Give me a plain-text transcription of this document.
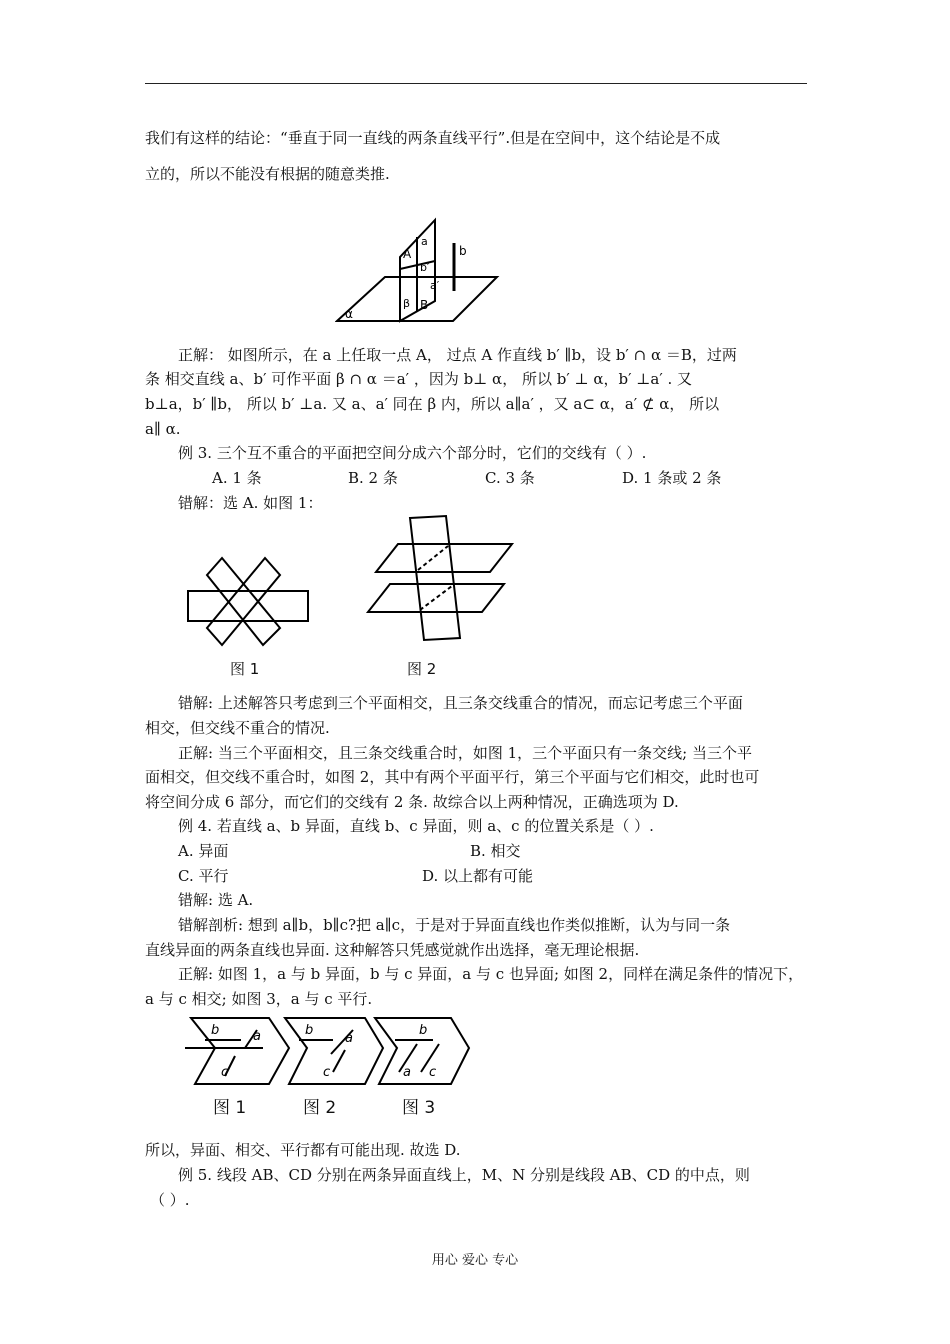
我们有这样的结论：“垂直于同一直线的两条直线平行”.但是在空间中，这个结论是不成
立的，所以不能没有根据的随意类推.
A
a
b′
b
a′
β B
α
正解： 如图所示，在 a 上任取一点 A， 过点 A 作直线 b′ ∥b，设 b′ ∩ α ＝B，过两
条 相交直线 a、b′ 可作平面 β ∩ α ＝a′ ，因为 b⊥ α， 所以 b′ ⊥ α，b′ ⊥a′ . 又
b⊥a，b′ ∥b， 所以 b′ ⊥a. 又 a、a′ 同在 β 内，所以 a∥a′ ，又 a⊂ α，a′ ⊄ α， 所以
a∥ α.
例 3. 三个互不重合的平面把空间分成六个部分时，它们的交线有（ ）.
A. 1 条	B. 2 条	C. 3 条	D. 1 条或 2 条
错解：选 A. 如图 1：

图 1	图 2
错解: 上述解答只考虑到三个平面相交，且三条交线重合的情况，而忘记考虑三个平面
相交，但交线不重合的情况.
正解: 当三个平面相交，且三条交线重合时，如图 1，三个平面只有一条交线; 当三个平
面相交，但交线不重合时，如图 2，其中有两个平面平行，第三个平面与它们相交，此时也可
将空间分成 6 部分，而它们的交线有 2 条. 故综合以上两种情况，正确选项为 D.
例 4. 若直线 a、b 异面，直线 b、c 异面，则 a、c 的位置关系是（ ）.
A. 异面	B. 相交
C. 平行	D. 以上都有可能
错解: 选 A.
错解剖析: 想到 a∥b，b∥c?把 a∥c，于是对于异面直线也作类似推断，认为与同一条
直线异面的两条直线也异面. 这种解答只凭感觉就作出选择，毫无理论根据.
正解: 如图 1，a 与 b 异面，b 与 c 异面，a 与 c 也异面; 如图 2，同样在满足条件的情况下，
a 与 c 相交; 如图 3，a 与 c 平行.
b	a
c
b
a
c
b
a c
图 1	图 2	图 3
所以，异面、相交、平行都有可能出现. 故选 D.
例 5. 线段 AB、CD 分别在两条异面直线上，M、N 分别是线段 AB、CD 的中点，则
（ ）.
用心 爱心 专心
